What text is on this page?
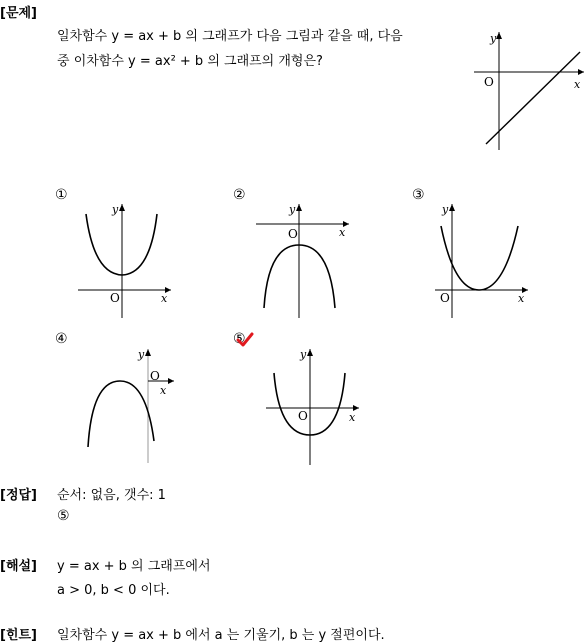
[문제]
일차함수 y = ax + b 의 그래프가 다음 그림과 같을 때, 다음
중 이차함수 y = ax² + b 의 그래프의 개형은?
y
x
O
①
y
x
O
②
y
x
O
③
y
x
O
④
y
x
O
⑤
y
x
O
[정답] 순서: 없음, 갯수: 1
⑤
[해설] y = ax + b 의 그래프에서
a > 0, b < 0 이다.
[힌트] 일차함수 y = ax + b 에서 a 는 기울기, b 는 y 절편이다.
